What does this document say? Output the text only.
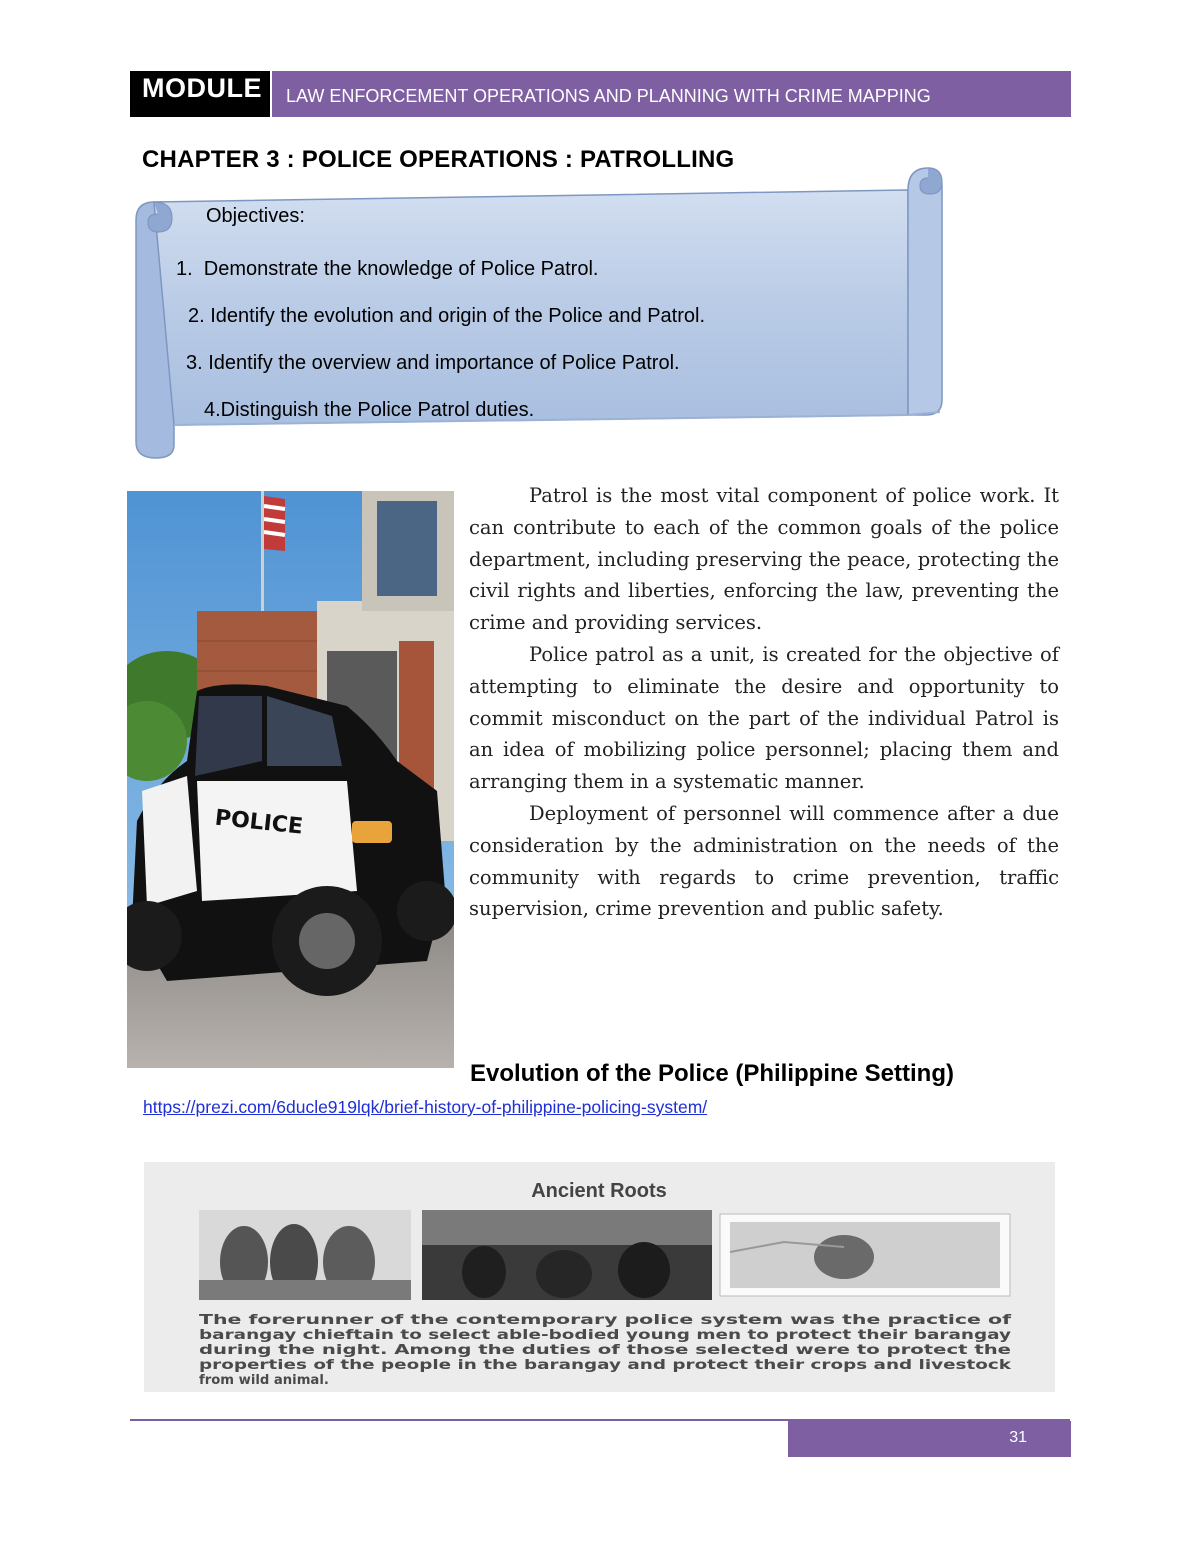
MODULE	LAW ENFORCEMENT OPERATIONS AND PLANNING WITH CRIME MAPPING
CHAPTER 3 : POLICE OPERATIONS : PATROLLING
Objectives:
1.  Demonstrate the knowledge of Police Patrol.
2. Identify the evolution and origin of the Police and Patrol.
3. Identify the overview and importance of Police Patrol.
4.Distinguish the Police Patrol duties.
POLICE

Patrol is the most vital component of police work. It can contribute to each of the common goals of the police department, including preserving the peace, protecting the civil rights and liberties, enforcing the law, preventing the crime and providing services.

Police patrol as a unit, is created for the objective of attempting to eliminate the desire and opportunity to commit misconduct on the part of the individual Patrol is an idea of mobilizing police personnel; placing them and arranging them in a systematic manner.

Deployment of personnel will commence after a due consideration by the administration on the needs of the community with regards to crime prevention, traffic supervision, crime prevention and public safety.

Evolution of the Police (Philippine Setting)
https://prezi.com/6ducle919lqk/brief-history-of-philippine-policing-system/
Ancient Roots
The forerunner of the contemporary police system was the practice of
barangay chieftain to select able-bodied young men to protect their barangay
during the night. Among the duties of those selected were to protect the
properties of the people in the barangay and protect their crops and livestock
from wild animal.
31
